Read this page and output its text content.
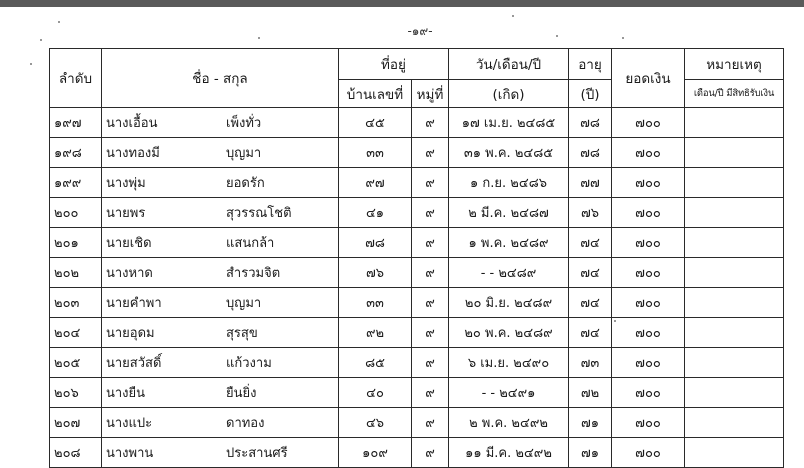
-๑๙-
ลำดับ	ชื่อ - สกุล	ที่อยู่		วัน/เดือน/ปี	อายุ	ยอดเงิน	หมายเหตุ
		บ้านเลขที่	หมู่ที่	(เกิด)	(ปี)		เดือน/ปี มีสิทธิรับเงิน
๑๙๗	นางเอื้อน เพ็งทั่ว	๔๕	๙	๑๗ เม.ย. ๒๔๘๕	๗๘	๗๐๐	
๑๙๘	นางทองมี บุญมา	๓๓	๙	๓๑ พ.ค. ๒๔๘๕	๗๘	๗๐๐	
๑๙๙	นางพุ่ม ยอดรัก	๙๗	๙	๑ ก.ย. ๒๔๘๖	๗๗	๗๐๐	
๒๐๐	นายพร สุวรรณโชติ	๔๑	๙	๒ มี.ค. ๒๔๘๗	๗๖	๗๐๐	
๒๐๑	นายเชิด แสนกล้า	๗๘	๙	๑ พ.ค. ๒๔๘๙	๗๔	๗๐๐	
๒๐๒	นางหาด สำรวมจิต	๗๖	๙	- - ๒๔๘๙	๗๔	๗๐๐	
๒๐๓	นายคำพา บุญมา	๓๓	๙	๒๐ มิ.ย. ๒๔๘๙	๗๔	๗๐๐	
๒๐๔	นายอุดม สุรสุข	๙๒	๙	๒๐ พ.ค. ๒๔๘๙	๗๔	๗๐๐	
๒๐๕	นายสวัสดิ์ แก้วงาม	๘๕	๙	๖ เม.ย. ๒๔๙๐	๗๓	๗๐๐	
๒๐๖	นางยืน ยืนยิ่ง	๔๐	๙	- - ๒๔๙๑	๗๒	๗๐๐	
๒๐๗	นางแปะ ดาทอง	๔๖	๙	๒ พ.ค. ๒๔๙๒	๗๑	๗๐๐	
๒๐๘	นางพาน ประสานศรี	๑๐๙	๙	๑๑ มี.ค. ๒๔๙๒	๗๑	๗๐๐	
